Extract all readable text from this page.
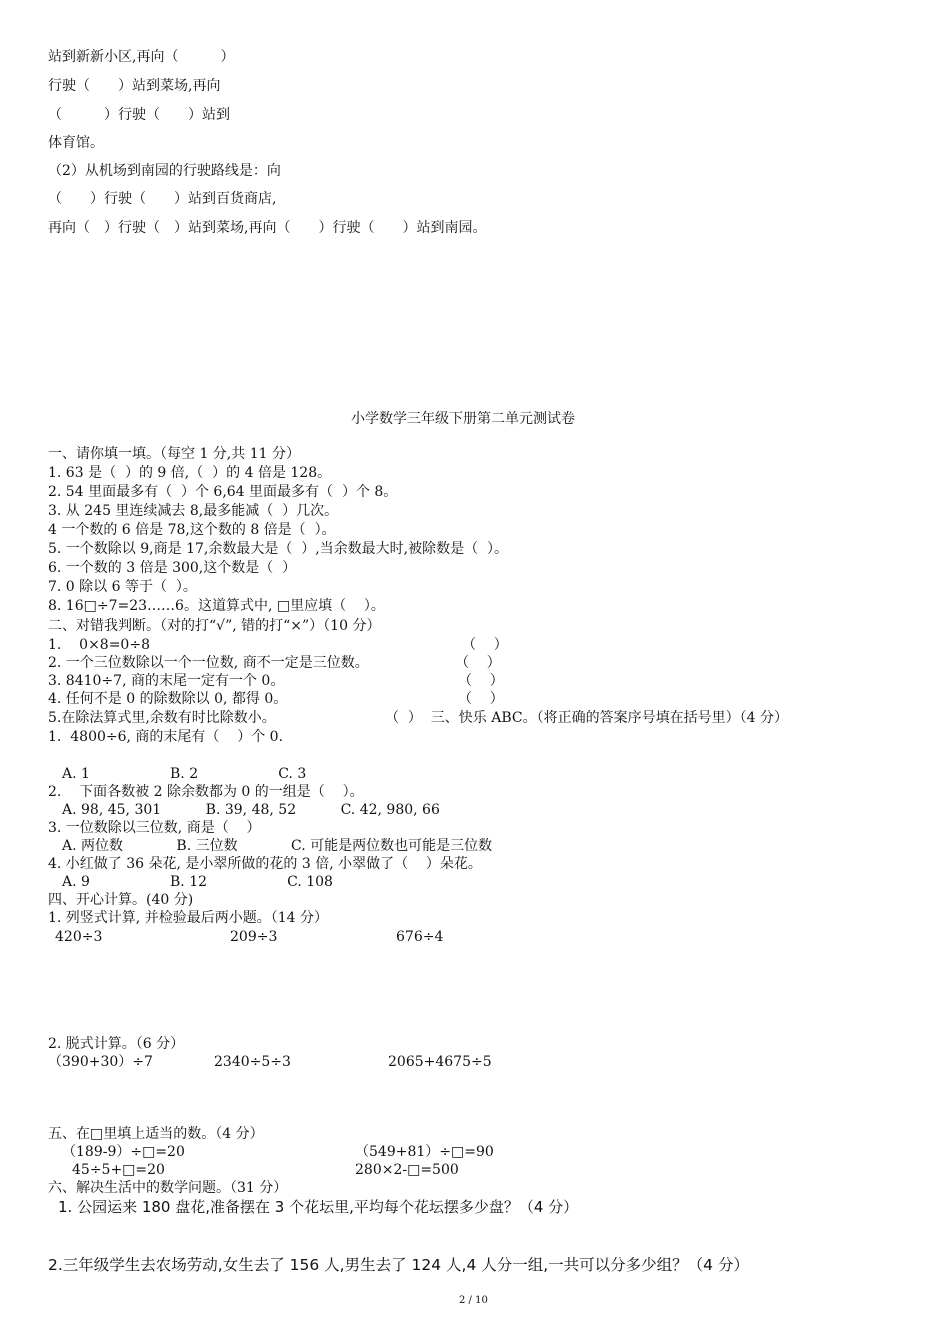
站到新新小区,再向（　　　）
行驶（　　）站到菜场,再向
（　　　）行驶（　　）站到
体育馆。
（2）从机场到南园的行驶路线是：向
（　　）行驶（　　）站到百货商店,
再向（　）行驶（　）站到菜场,再向（　　）行驶（　　）站到南园。
小学数学三年级下册第二单元测试卷
一、请你填一填。（每空 1 分,共 11 分）
1. 63 是（  ）的 9 倍,（  ）的 4 倍是 128。
2. 54 里面最多有（  ）个 6,64 里面最多有（  ）个 8。
3. 从 245 里连续减去 8,最多能减（  ）几次。
4 一个数的 6 倍是 78,这个数的 8 倍是（  ）。
5. 一个数除以 9,商是 17,余数最大是（  ）,当余数最大时,被除数是（  ）。
6. 一个数的 3 倍是 300,这个数是（  ）
7. 0 除以 6 等于（  ）。
8. 16□÷7=23……6。这道算式中, □里应填（    ）。
二、对错我判断。（对的打“√”, 错的打“×”）（10 分）
1.    0×8=0÷8	（    ）
2. 一个三位数除以一个一位数, 商不一定是三位数。	（    ）
3. 8410÷7, 商的末尾一定有一个 0。	（    ）
4. 任何不是 0 的除数除以 0, 都得 0。	（    ）
5.在除法算式里,余数有时比除数小。	（  ）  三、快乐 ABC。（将正确的答案序号填在括号里）（4 分）
1.  4800÷6, 商的末尾有（    ）个 0.
A. 1                  B. 2                  C. 3
2.    下面各数被 2 除余数都为 0 的一组是（    ）。
A. 98, 45, 301          B. 39, 48, 52          C. 42, 980, 66
3. 一位数除以三位数, 商是（    ）
A. 两位数            B. 三位数            C. 可能是两位数也可能是三位数
4. 小红做了 36 朵花, 是小翠所做的花的 3 倍, 小翠做了（    ）朵花。
A. 9                  B. 12                  C. 108
四、开心计算。(40 分)
1. 列竖式计算, 并检验最后两小题。（14 分）
420÷3	209÷3	676÷4
2. 脱式计算。（6 分）
（390+30）÷7	2340÷5÷3	2065+4675÷5
五、在□里填上适当的数。（4 分）
（189-9）÷□=20	（549+81）÷□=90
45÷5+□=20	280×2-□=500
六、解决生活中的数学问题。（31 分）
1. 公园运来 180 盘花,准备摆在 3 个花坛里,平均每个花坛摆多少盘？（4 分）
2.三年级学生去农场劳动,女生去了 156 人,男生去了 124 人,4 人分一组,一共可以分多少组？（4 分）
2 / 10
